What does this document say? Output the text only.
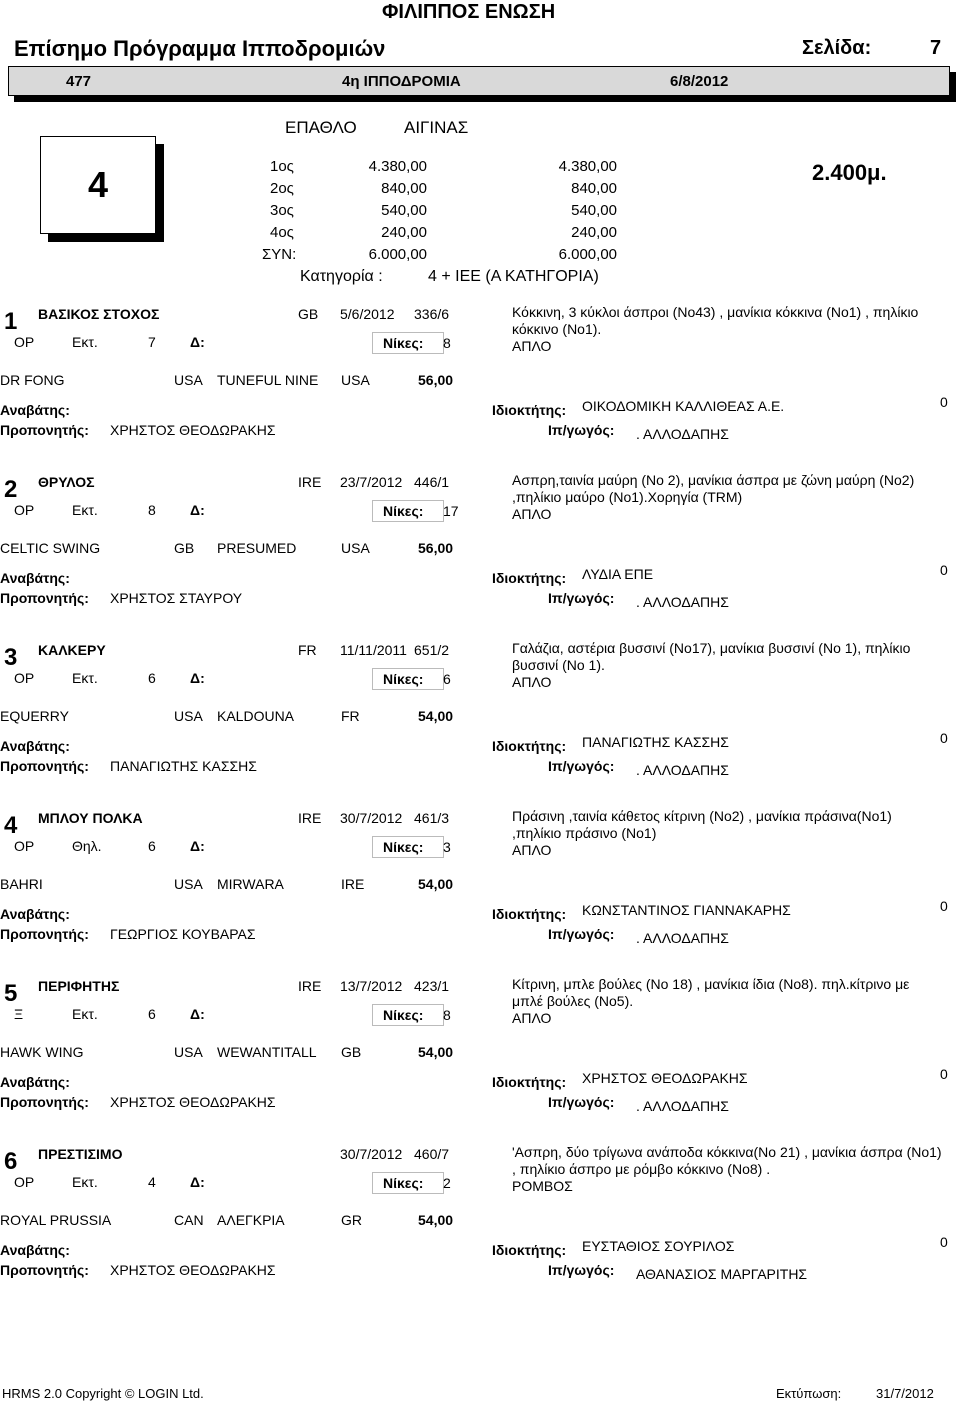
ΦΙΛΙΠΠΟΣ ΕΝΩΣΗ
Επίσημο Πρόγραμμα Ιπποδρομιών	Σελίδα:	7
477	4η ΙΠΠΟΔΡΟΜΙΑ	6/8/2012
4
ΕΠΑΘΛΟ	ΑΙΓΙΝΑΣ
2.400μ.
1ος	4.380,00	4.380,00
2ος	840,00	840,00
3ος	540,00	540,00
4ος	240,00	240,00
ΣΥΝ:	6.000,00	6.000,00
Κατηγορία :	4 + ΙΕΕ (Α ΚΑΤΗΓΟΡΙΑ)
1 ΒΑΣΙΚΟΣ ΣΤΟΧΟΣ	GB 5/6/2012 336/6	Κόκκινη, 3 κύκλοι άσπροι (Νο43) , μανίκια κόκκινα (Νο1) , πηλίκιο κόκκινο (Νο1).
ΑΠΛΟ
ΟΡ	Εκτ.	7 Δ:	Νίκες: 8
DR FONG	USA TUNEFUL NINE USA	56,00
Αναβάτης:	Ιδιοκτήτης: ΟΙΚΟΔΟΜΙΚΗ ΚΑΛΛΙΘΕΑΣ Α.Ε.	0
Προπονητής: ΧΡΗΣΤΟΣ ΘΕΟΔΩΡΑΚΗΣ	Ιπ/γωγός: . ΑΛΛΟΔΑΠΗΣ
2 ΘΡΥΛΟΣ	IRE 23/7/2012 446/1	Ασπρη,ταινία μαύρη (Νο 2), μανίκια άσπρα με ζώνη μαύρη (Νο2) ,πηλίκιο μαύρο (Νο1).Χορηγία (TRM)
ΑΠΛΟ
ΟΡ	Εκτ.	8 Δ:	Νίκες: 17
CELTIC SWING	GB PRESUMED	USA	56,00
Αναβάτης:	Ιδιοκτήτης: ΛΥΔΙΑ ΕΠΕ	0
Προπονητής: ΧΡΗΣΤΟΣ ΣΤΑΥΡΟΥ	Ιπ/γωγός: . ΑΛΛΟΔΑΠΗΣ
3 ΚΑΛΚΕΡΥ	FR 11/11/2011 651/2	Γαλάζια, αστέρια βυσσινί (Νο17), μανίκια βυσσινί (Νο 1), πηλίκιο βυσσινί (Νο 1).
ΑΠΛΟ
ΟΡ	Εκτ.	6 Δ:	Νίκες: 6
EQUERRY	USA KALDOUNA	FR	54,00
Αναβάτης:	Ιδιοκτήτης: ΠΑΝΑΓΙΩΤΗΣ ΚΑΣΣΗΣ	0
Προπονητής: ΠΑΝΑΓΙΩΤΗΣ ΚΑΣΣΗΣ	Ιπ/γωγός: . ΑΛΛΟΔΑΠΗΣ
4 ΜΠΛΟΥ ΠΟΛΚΑ	IRE 30/7/2012 461/3	Πράσινη ,ταινία κάθετος κίτρινη (Νο2) , μανίκια πράσινα(Νο1) ,πηλίκιο πράσινο (Νο1)
ΑΠΛΟ
ΟΡ	Θηλ.	6 Δ:	Νίκες: 3
BAHRI	USA MIRWARA	IRE	54,00
Αναβάτης:	Ιδιοκτήτης: ΚΩΝΣΤΑΝΤΙΝΟΣ ΓΙΑΝΝΑΚΑΡΗΣ	0
Προπονητής: ΓΕΩΡΓΙΟΣ ΚΟΥΒΑΡΑΣ	Ιπ/γωγός: . ΑΛΛΟΔΑΠΗΣ
5 ΠΕΡΙΦΗΤΗΣ	IRE 13/7/2012 423/1	Κίτρινη, μπλε βούλες (Νο 18) , μανίκια ίδια (Νο8). πηλ.κίτρινο με μπλέ βούλες (Νο5).
ΑΠΛΟ
Ξ	Εκτ.	6 Δ:	Νίκες: 8
HAWK WING	USA WEWANTITALL GB	54,00
Αναβάτης:	Ιδιοκτήτης: ΧΡΗΣΤΟΣ ΘΕΟΔΩΡΑΚΗΣ	0
Προπονητής: ΧΡΗΣΤΟΣ ΘΕΟΔΩΡΑΚΗΣ	Ιπ/γωγός: . ΑΛΛΟΔΑΠΗΣ
6 ΠΡΕΣΤΙΣΙΜΟ	30/7/2012 460/7	'Ασπρη, δύο τρίγωνα ανάποδα κόκκινα(Νο 21) , μανίκια άσπρα (Νο1) , πηλίκιο άσπρο με ρόμβο κόκκινο (Νο8) .
ΡΟΜΒΟΣ
ΟΡ	Εκτ.	4 Δ:	Νίκες: 2
ROYAL PRUSSIA	CAN ΑΛΕΓΚΡΙΑ	GR	54,00
Αναβάτης:	Ιδιοκτήτης: ΕΥΣΤΑΘΙΟΣ ΣΟΥΡΙΛΟΣ	0
Προπονητής: ΧΡΗΣΤΟΣ ΘΕΟΔΩΡΑΚΗΣ	Ιπ/γωγός: ΑΘΑΝΑΣΙΟΣ ΜΑΡΓΑΡΙΤΗΣ
HRMS 2.0 Copyright © LOGIN Ltd.	Εκτύπωση:	31/7/2012
